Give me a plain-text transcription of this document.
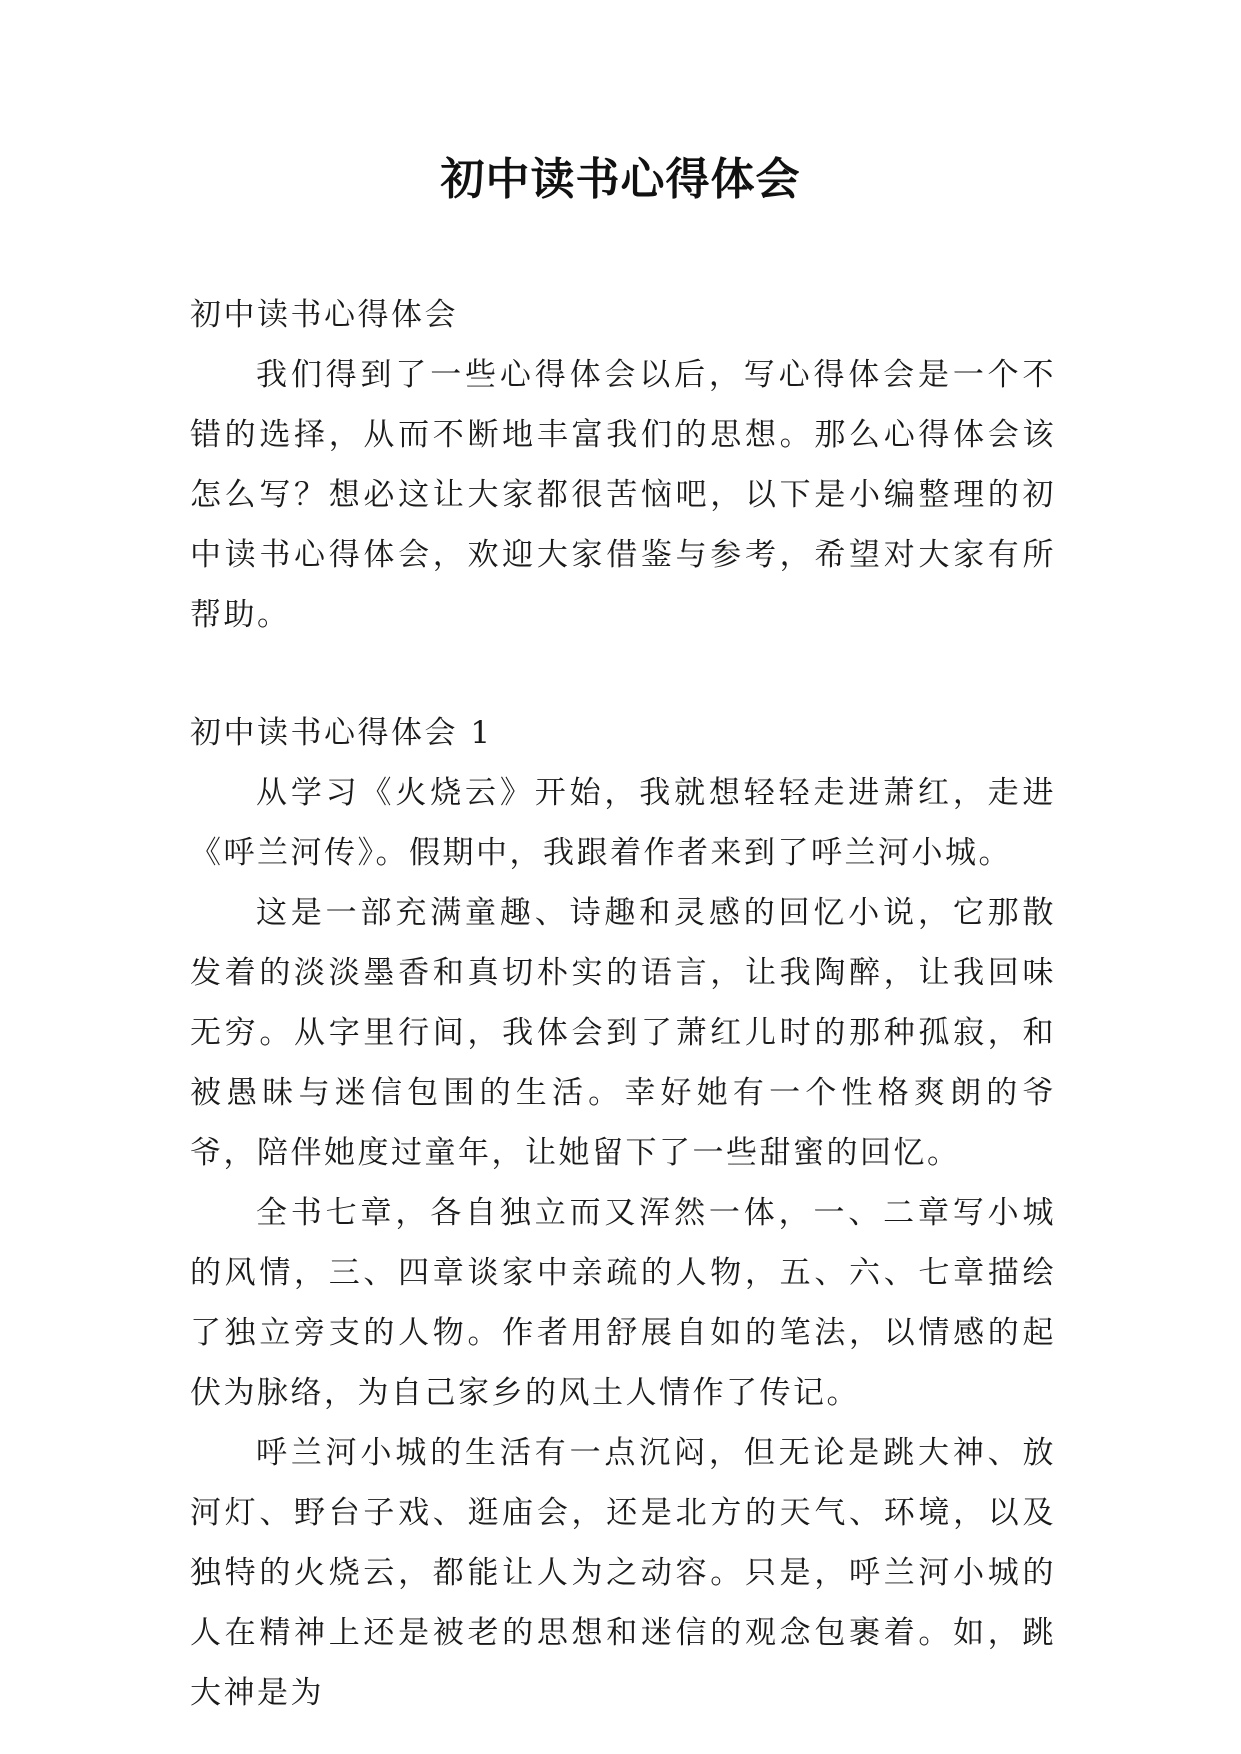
初中读书心得体会

初中读书心得体会

我们得到了一些心得体会以后，写心得体会是一个不错的选择，从而不断地丰富我们的思想。那么心得体会该怎么写？想必这让大家都很苦恼吧，以下是小编整理的初中读书心得体会，欢迎大家借鉴与参考，希望对大家有所帮助。

初中读书心得体会 1

从学习《火烧云》开始，我就想轻轻走进萧红，走进《呼兰河传》。假期中，我跟着作者来到了呼兰河小城。

这是一部充满童趣、诗趣和灵感的回忆小说，它那散发着的淡淡墨香和真切朴实的语言，让我陶醉，让我回味无穷。从字里行间，我体会到了萧红儿时的那种孤寂，和被愚昧与迷信包围的生活。幸好她有一个性格爽朗的爷爷，陪伴她度过童年，让她留下了一些甜蜜的回忆。

全书七章，各自独立而又浑然一体，一、二章写小城的风情，三、四章谈家中亲疏的人物，五、六、七章描绘了独立旁支的人物。作者用舒展自如的笔法，以情感的起伏为脉络，为自己家乡的风土人情作了传记。

呼兰河小城的生活有一点沉闷，但无论是跳大神、放河灯、野台子戏、逛庙会，还是北方的天气、环境，以及独特的火烧云，都能让人为之动容。只是，呼兰河小城的人在精神上还是被老的思想和迷信的观念包裹着。如，跳大神是为
